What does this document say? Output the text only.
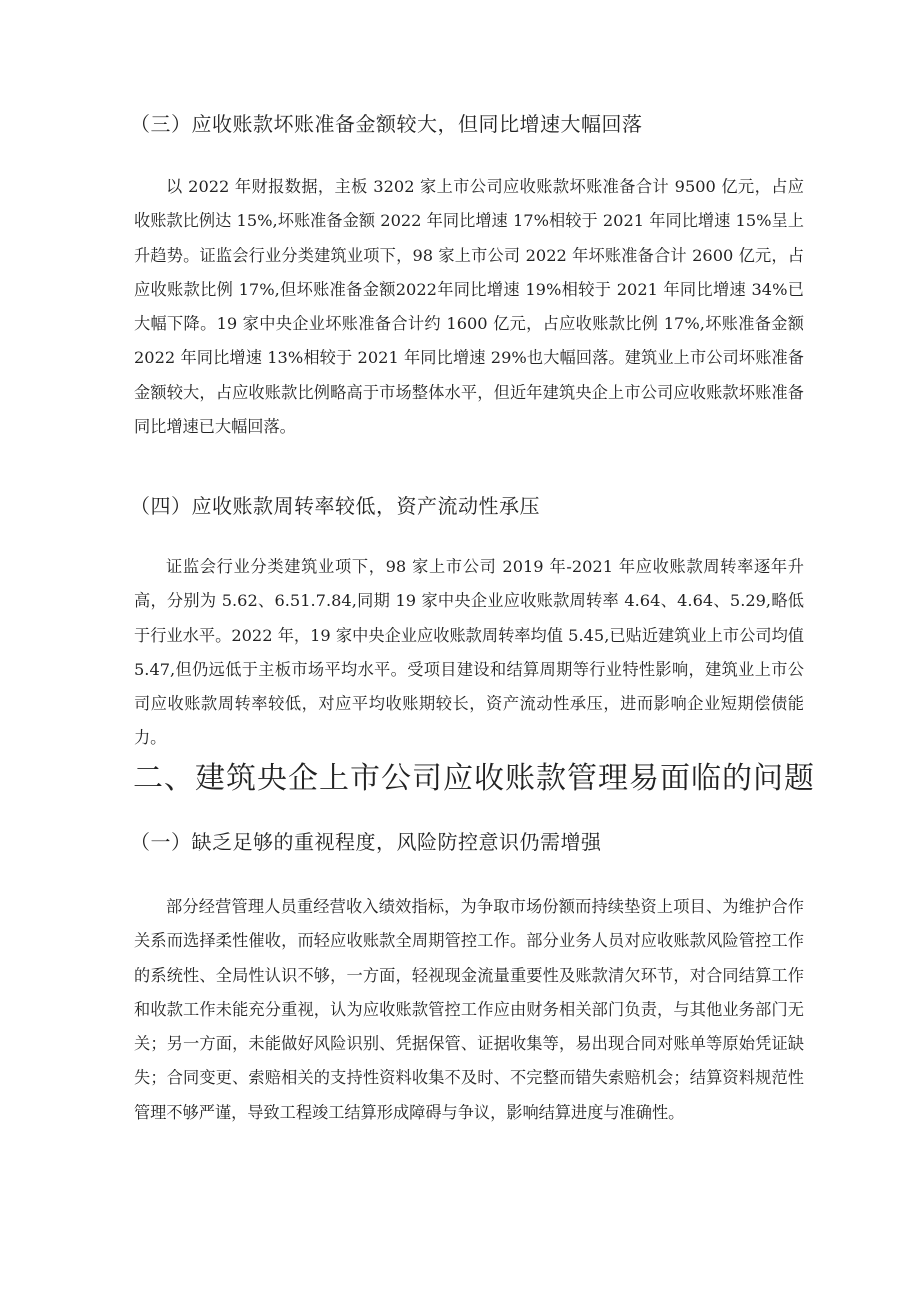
（三）应收账款坏账准备金额较大，但同比增速大幅回落
以 2022 年财报数据，主板 3202 家上市公司应收账款坏账准备合计 9500 亿元，占应收账款比例达 15%,坏账准备金额 2022 年同比增速 17%相较于 2021 年同比增速 15%呈上升趋势。证监会行业分类建筑业项下，98 家上市公司 2022 年坏账准备合计 2600 亿元，占应收账款比例 17%,但坏账准备金额2022年同比增速 19%相较于 2021 年同比增速 34%已大幅下降。19 家中央企业坏账准备合计约 1600 亿元，占应收账款比例 17%,坏账准备金额 2022 年同比增速 13%相较于 2021 年同比增速 29%也大幅回落。建筑业上市公司坏账准备金额较大，占应收账款比例略高于市场整体水平，但近年建筑央企上市公司应收账款坏账准备同比增速已大幅回落。
（四）应收账款周转率较低，资产流动性承压
证监会行业分类建筑业项下，98 家上市公司 2019 年-2021 年应收账款周转率逐年升高，分别为 5.62、6.51.7.84,同期 19 家中央企业应收账款周转率 4.64、4.64、5.29,略低于行业水平。2022 年，19 家中央企业应收账款周转率均值 5.45,已贴近建筑业上市公司均值 5.47,但仍远低于主板市场平均水平。受项目建设和结算周期等行业特性影响，建筑业上市公司应收账款周转率较低，对应平均收账期较长，资产流动性承压，进而影响企业短期偿债能力。
二、建筑央企上市公司应收账款管理易面临的问题
（一）缺乏足够的重视程度，风险防控意识仍需增强
部分经营管理人员重经营收入绩效指标，为争取市场份额而持续垫资上项目、为维护合作关系而选择柔性催收，而轻应收账款全周期管控工作。部分业务人员对应收账款风险管控工作的系统性、全局性认识不够，一方面，轻视现金流量重要性及账款清欠环节，对合同结算工作和收款工作未能充分重视，认为应收账款管控工作应由财务相关部门负责，与其他业务部门无关；另一方面，未能做好风险识别、凭据保管、证据收集等，易出现合同对账单等原始凭证缺失；合同变更、索赔相关的支持性资料收集不及时、不完整而错失索赔机会；结算资料规范性管理不够严谨，导致工程竣工结算形成障碍与争议，影响结算进度与准确性。
